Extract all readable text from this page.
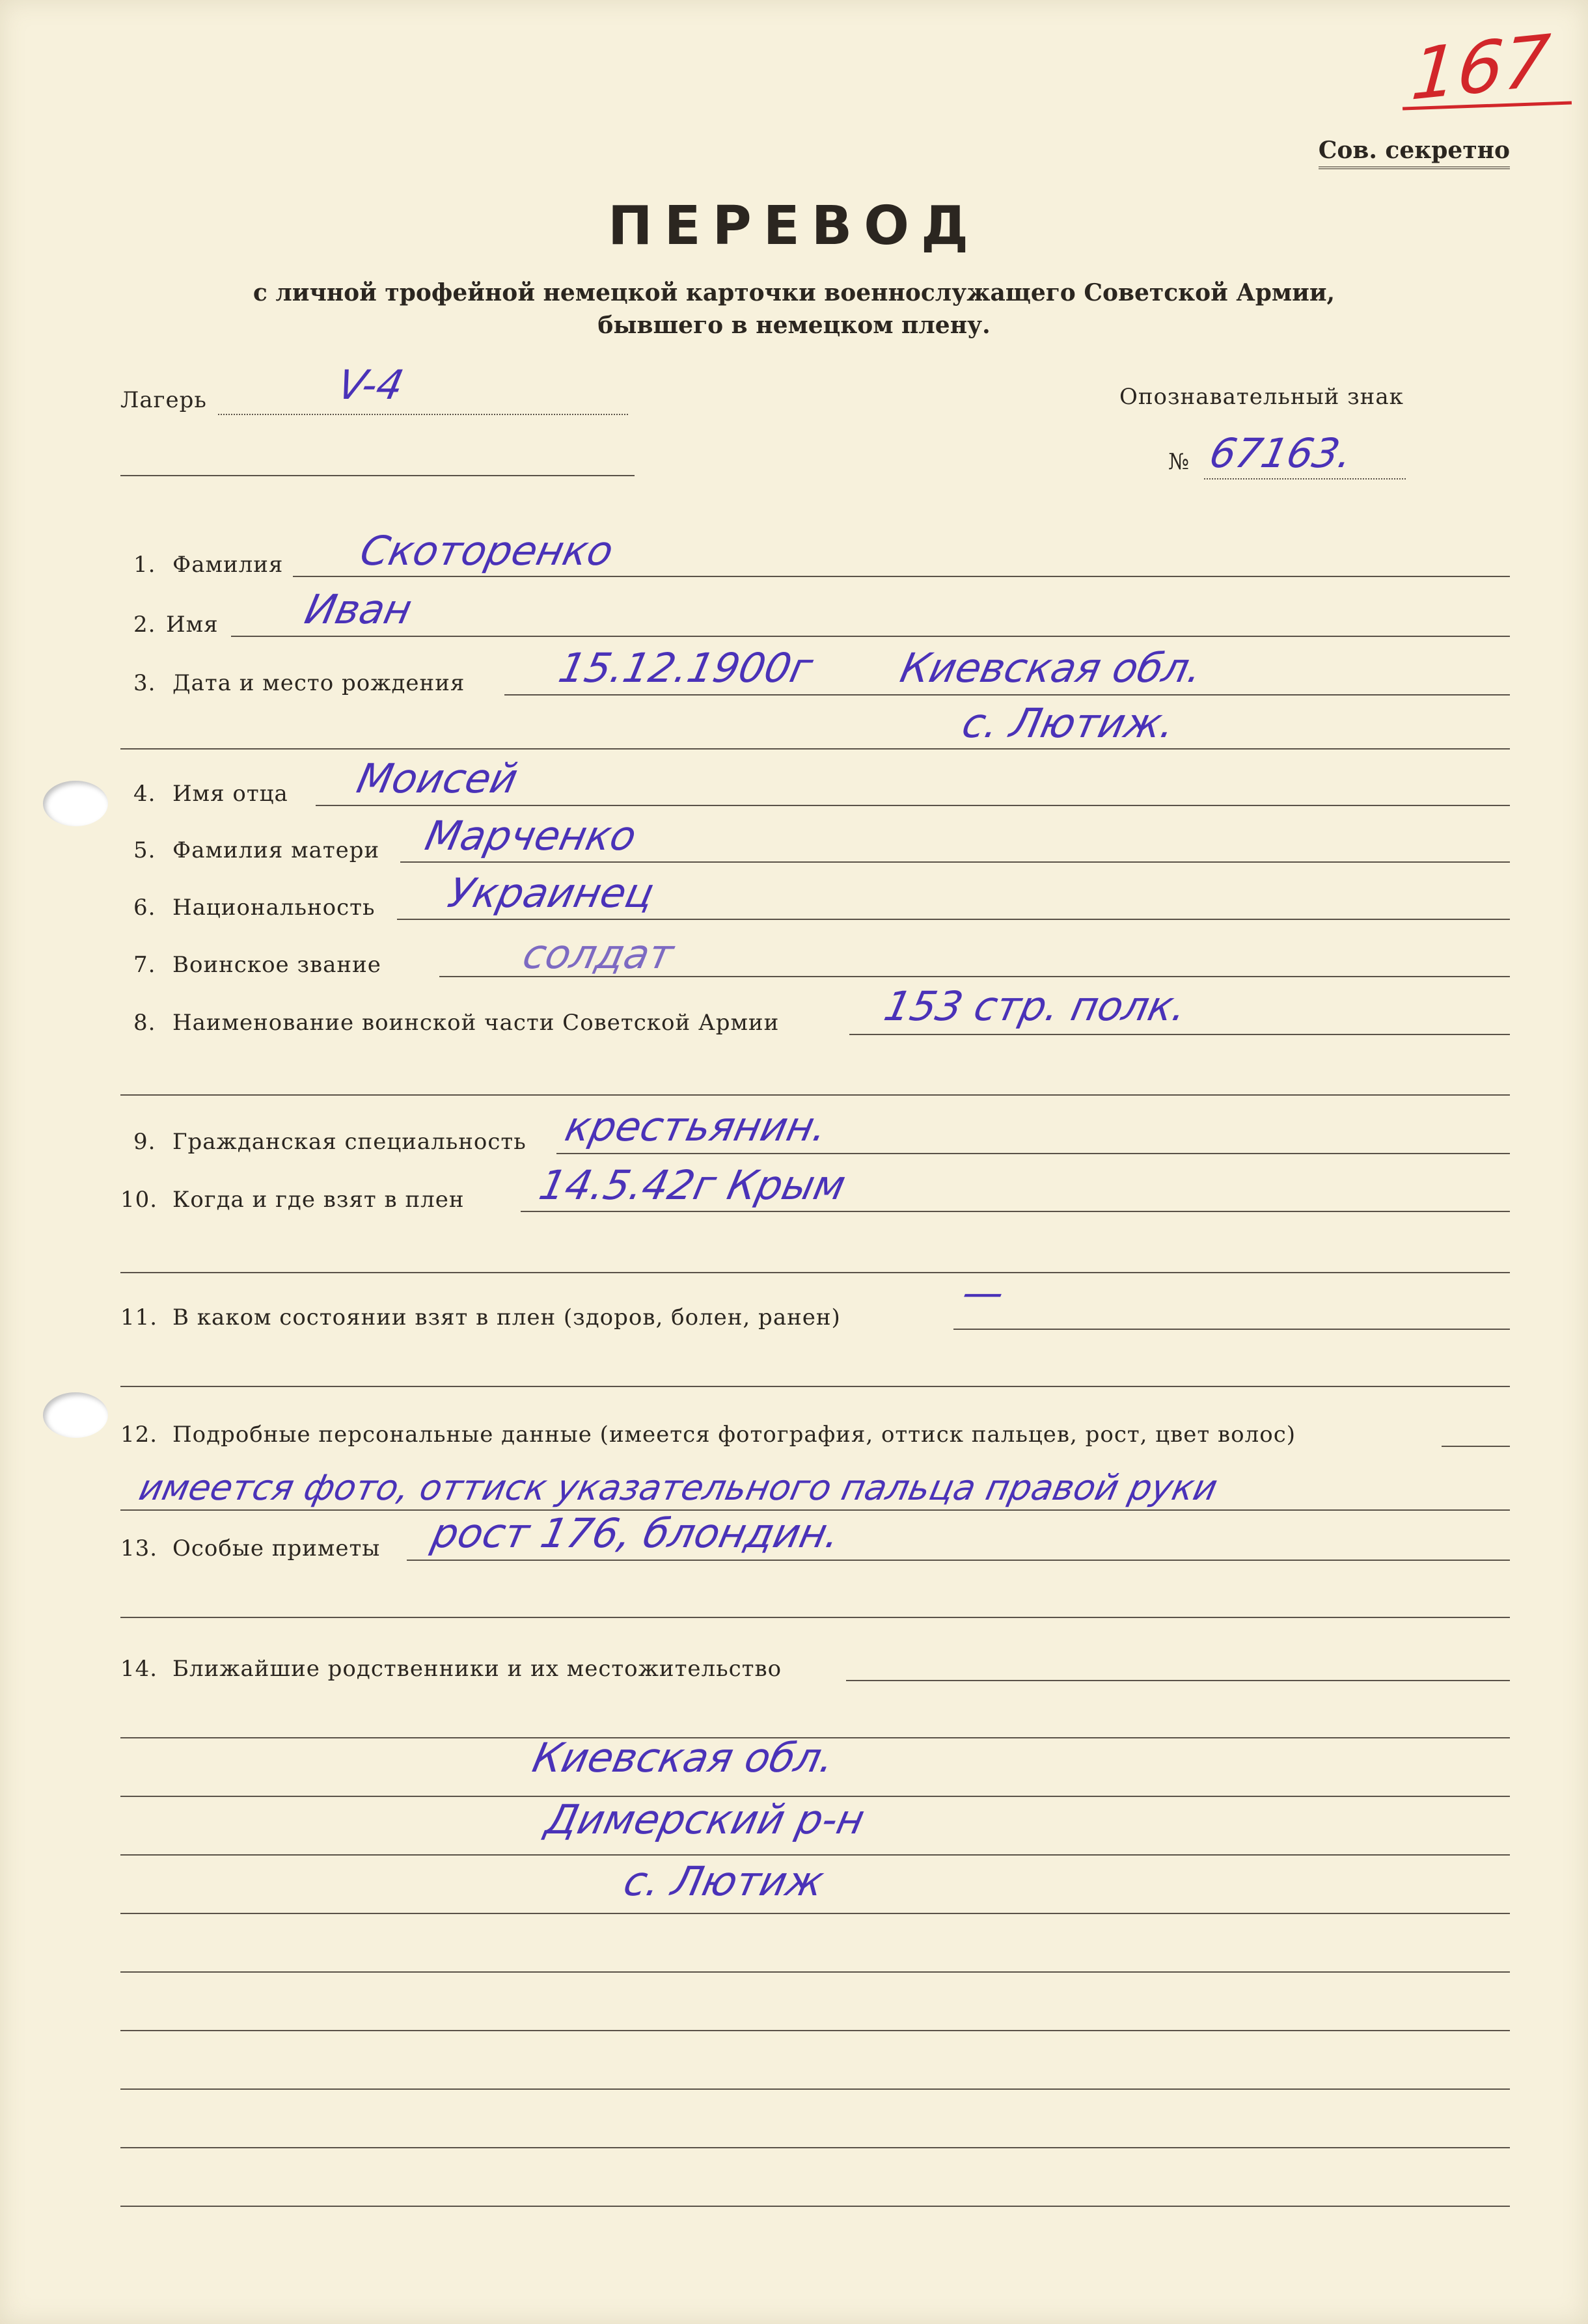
167
Сов. секретно
ПЕРЕВОД
с личной трофейной немецкой карточки военнослужащего Советской Армии,
бывшего в немецком плену.
Лагерь	V-4	Опознавательный знак
№ 67163.
1. Фамилия Скоторенко
2. Имя Иван
3. Дата и место рождения 15.12.1900г Киевская обл.
с. Лютиж.
4. Имя отца Моисей
5. Фамилия матери Марченко
6. Национальность Украинец
7. Воинское звание	солдат
8. Наименование воинской части Советской Армии 153 стр. полк.
9. Гражданская специальность крестьянин.
10. Когда и где взят в плен 14.5.42г Крым
11. В каком состоянии взят в плен (здоров, болен, ранен)
—
12. Подробные персональные данные (имеется фотография, оттиск пальцев, рост, цвет волос)
имеется фото, оттиск указательного пальца правой руки
13. Особые приметы рост 176, блондин.
14. Ближайшие родственники и их местожительство
Киевская обл.
Димерский р-н
с. Лютиж
